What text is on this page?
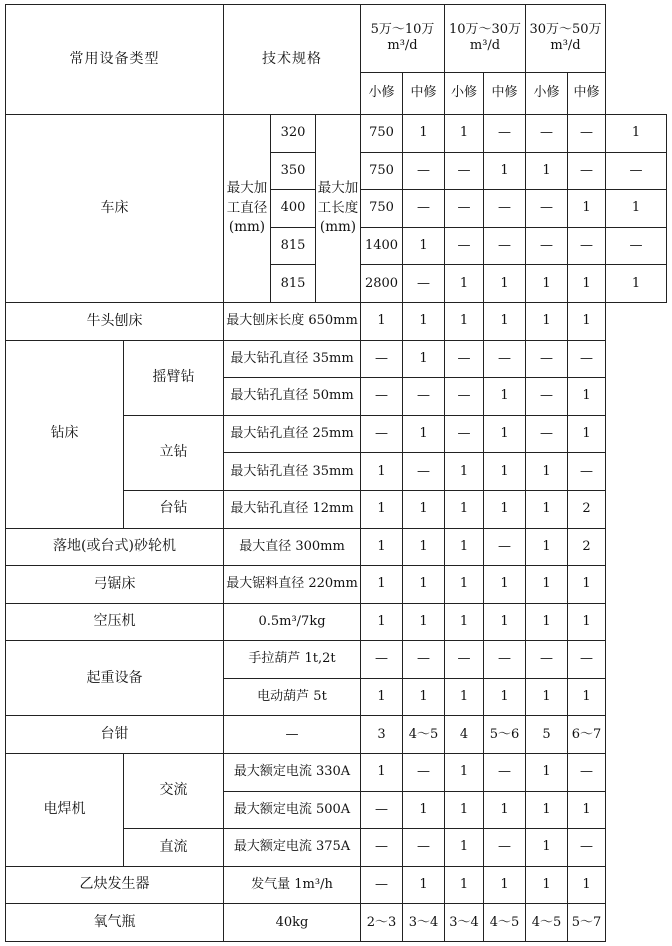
常用设备类型		技术规格			5万～10万m³/d		10万～30万m³/d		30万～50万m³/d		
					小修	中修	小修	中修	小修	中修	
车床		最大加工直径(mm)	320	最大加工长度(mm)	750	1	1	—	—	—	1
			350		750	—	—	1	1	—	—
			400		750	—	—	—	—	1	1
			815		1400	1	—	—	—	—	—
			815		2800	—	1	1	1	1	1
牛头刨床		最大刨床长度 650mm			1	1	1	1	1	1	
钻床	摇臂钻	最大钻孔直径 35mm			—	1	—	—	—	—	
		最大钻孔直径 50mm			—	—	—	1	—	1	
	立钻	最大钻孔直径 25mm			—	1	—	1	—	1	
		最大钻孔直径 35mm			1	—	1	1	1	—	
	台钻	最大钻孔直径 12mm			1	1	1	1	1	2	
落地(或台式)砂轮机		最大直径 300mm			1	1	1	—	1	2	
弓锯床		最大锯料直径 220mm			1	1	1	1	1	1	
空压机		0.5m³/7kg			1	1	1	1	1	1	
起重设备		手拉葫芦 1t,2t			—	—	—	—	—	—	
		电动葫芦 5t			1	1	1	1	1	1	
台钳		—			3	4～5	4	5～6	5	6～7	
电焊机	交流	最大额定电流 330A			1	—	1	—	1	—	
		最大额定电流 500A			—	1	1	1	1	1	
	直流	最大额定电流 375A			—	—	1	—	1	—	
乙炔发生器		发气量 1m³/h			—	1	1	1	1	1	
氧气瓶		40kg			2～3	3～4	3～4	4～5	4～5	5～7	
